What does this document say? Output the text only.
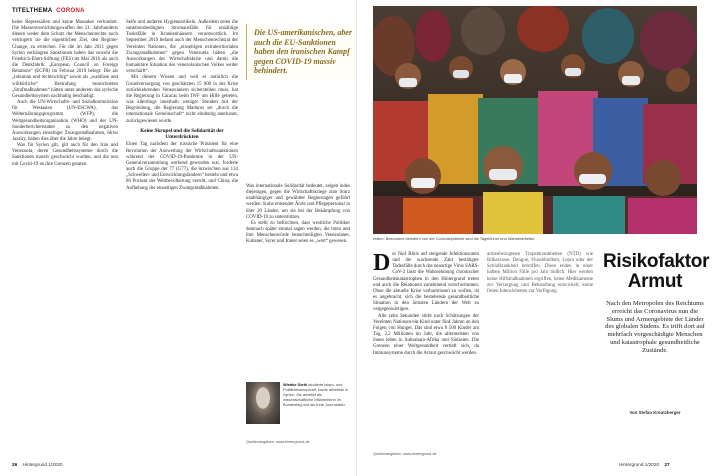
TITELTHEMA CORONA

keine Repressalien und keine Massaker verhindert. Die Massenvernichtungswaffen des 21. Jahrhunderts dienen weder dem Schutz der Menschenrechte noch verringern sie die eigentlichen Ziel, den Regime-Change, zu erreichen. Für die im Jahr 2011 gegen Syrien verhängten Sanktionen haben das sowohl die Friedrich-Ebert-Stiftung (FES) im Mai 2016 als auch die Denkfabrik „European Council on Foreign Relations“ (ECFR) im Februar 2019 belegt: Die als „inhuman und rechtswidrig“ sowie als „wahllose und willkürliche“ Bestrafung bezeichneten „Strafmaßnahmen“ hätten unter anderem das syrische Gesundheitssystem nachhaltig beschädigt.

Auch die UN-Wirtschafts- und Sozialkommission für Westasien (UN-ESCWA), das Welternährungsprogramm (WFP), die Weltgesundheitsorganisation (WHO) und der UN-Sonderberichterstatter zu den negativen Auswirkungen einseitiger Zwangsmaßnahmen, Idriss Jazairy, haben dies über die Jahre belegt.

Was für Syrien gilt, gilt auch für den Iran und Venezuela, deren Gesundheitssysteme durch die Sanktionen massiv geschwächt wurden, und die nun mit Covid-19 an ihre Grenzen geraten.

Seife und anderen Hygieneartikeln. Außerdem seien die sanktionsbedingten Stromausfälle für unzählige Todesfälle in Krankenhäusern verantwortlich. Im September 2019 befand auch der Menschenrechtsrat der Vereinten Nationen, die „einseitigen extraterritorialen Zwangsmaßnahmen“ gegen Venezuela hätten „die Auswirkungen der Wirtschaftskrise und damit die humanitäre Situation des venezolanischen Volkes weiter verschärft“.

Mit diesem Wissen und weil er natürlich die Grundversorgung von geschätzten 15 000 in der Krise zurückkehrenden Venezolanern sicherstellen muss, hat die Regierung in Caracas beim IWF um Hilfe gebeten, was allerdings innerhalb weniger Stunden mit der Begründung, die Regierung Maduros sei „durch die internationale Gemeinschaft“ nicht eindeutig anerkannt, zurückgewiesen wurde.

Keine Skrupel und die Solidarität der Unterdrückten

Einen Tag nachdem der russische Präsident für eine Revolution der Ausweitung der Wirtschaftssanktionen während der COVID-19-Pandemie in der UN-Generalversammlung werbend geworden war, forderte auch die Gruppe der 77 (G77), die inzwischen aus 134 „Schwellen- und Entwicklungsländern“ besteht und etwa 80 Prozent der Weltbevölkerung vertritt, und China, die Aufhebung der einseitigen Zwangsmaßnahmen.

Die US-amerikanischen, aber auch die EU-Sanktionen haben den iranischen Kampf gegen COVID-19 massiv behindert.

Was internationale Solidarität bedeutet, zeigen indes diejenigen, gegen die Wirtschaftskriege zum Sturz unabhängiger und gewählter Regierungen geführt werden: Kuba entsendet Ärzte und Pflegepersonal in über 20 Länder, um sie bei der Bekämpfung von COVID-19 zu unterstützen.

Es stellt zu befürchten, dass westliche Politiker demnach später einmal sagen werden, die toten und ihre Menschenwürde benachteiligten Venezolaner, Kubaner, Syrer und Iraner seien es „wert“ gewesen.

Wiebke Diehl studierte Islam- und Politikwissenschaft, sowie arbeitete in Syrien. Sie arbeitet als wissenschaftliche Mitarbeiterin im Bundestag und als freie Journalistin.
Quellenangaben: www.hintergrund.de
26 Hintergrund 1/2020
Indien: Besonders betroffen von der Coronaepidemie sind die Tagelöhner und Wanderarbeiter.
D er fünf Blick auf steigende Infektionsraten und die wachsende Zahl bestätigter Todesfälle durch das neuartige Virus SARS-CoV-2 lässt die Wahrnehmung chronischer Gesundheitskatastrophen in den Hintergrund treten und auch die Relationen zunehmend verschwimmen. Ohne die aktuelle Krise verharmlosen zu wollen, ist es angebracht, sich die bestehende gesundheitliche Situation in den ärmsten Ländern der Welt zu vergegenwärtigen.

Alle zehn Sekunden stirbt nach Schätzungen der Vereinten Nationen ein Kind unter fünf Jahren an den Folgen von Hunger. Das sind etwa 8 500 Kinder am Tag, 3,2 Millionen im Jahr, die allermeisten von ihnen leben in Subsahara-Afrika und Südasien. Die Grenzen einer Weltgesundheit vertieft sich, da Immunsysteme durch die Armut geschwächt werden.

armenbezogenen Tropenkrankheiten (NTD) wie Bilharziose, Dengue, Flussblindheit, Lepra oder der Schlafkrankheit betroffen. Diese enden in einer halben Million Fälle pro Jahr tödlich. Hier werden keine Hilfsmaßnahmen ergriffen, keine Medikamente zur Versorgung und Behandlung entwickelt, keine freien Intensivbetten zur Verfügung.

Risikofaktor Armut
Nach den Metropolen des Reichtums erreicht das Coronavirus nun die Slums und Armengebiete der Länder des globalen Südens. Es trifft dort auf mehrfach vorgeschädigte Menschen und katastrophale gesundheitliche Zustände.
Von Stefan Kreutzberger
Quellenangaben: www.hintergrund.de
Hintergrund 1/2020 27
